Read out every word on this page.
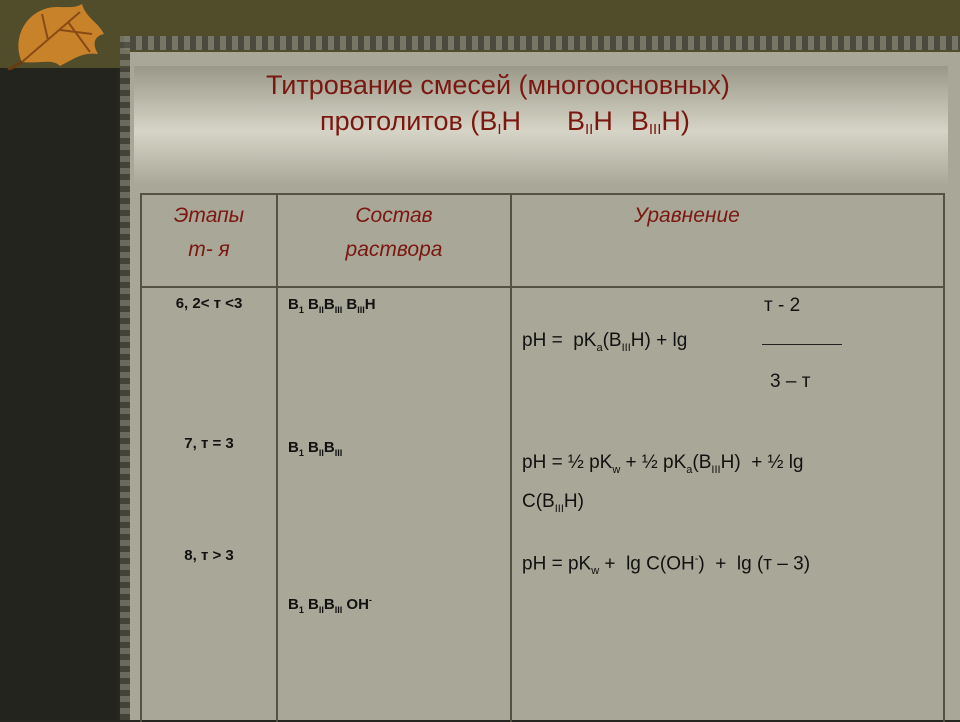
Титрование смесей (многоосновных)
протолитов ($B_IH$ $B_{II}H$ $B_{III}H$)
Этапы
т- я
Состав
раствора
Уравнение
6, 2< т <3
7, т = 3
8, т > 3
$B_1$ $B_{II}B_{III}$ $B_{III}H$
$B_1$ $B_{II}B_{III}$
$B_1$ $B_{II}B_{III}$ OH-
т - 2
pH =  $pK_a(B_{III}H) + \lg$
3 – т
pH = ½ $pK_w$ + ½ $pK_a(B_{III}H)$  + ½ lg
$C(B_{III}H)$
pH = $pK_w + \lg C(OH^-) + \lg (т - 3)$
